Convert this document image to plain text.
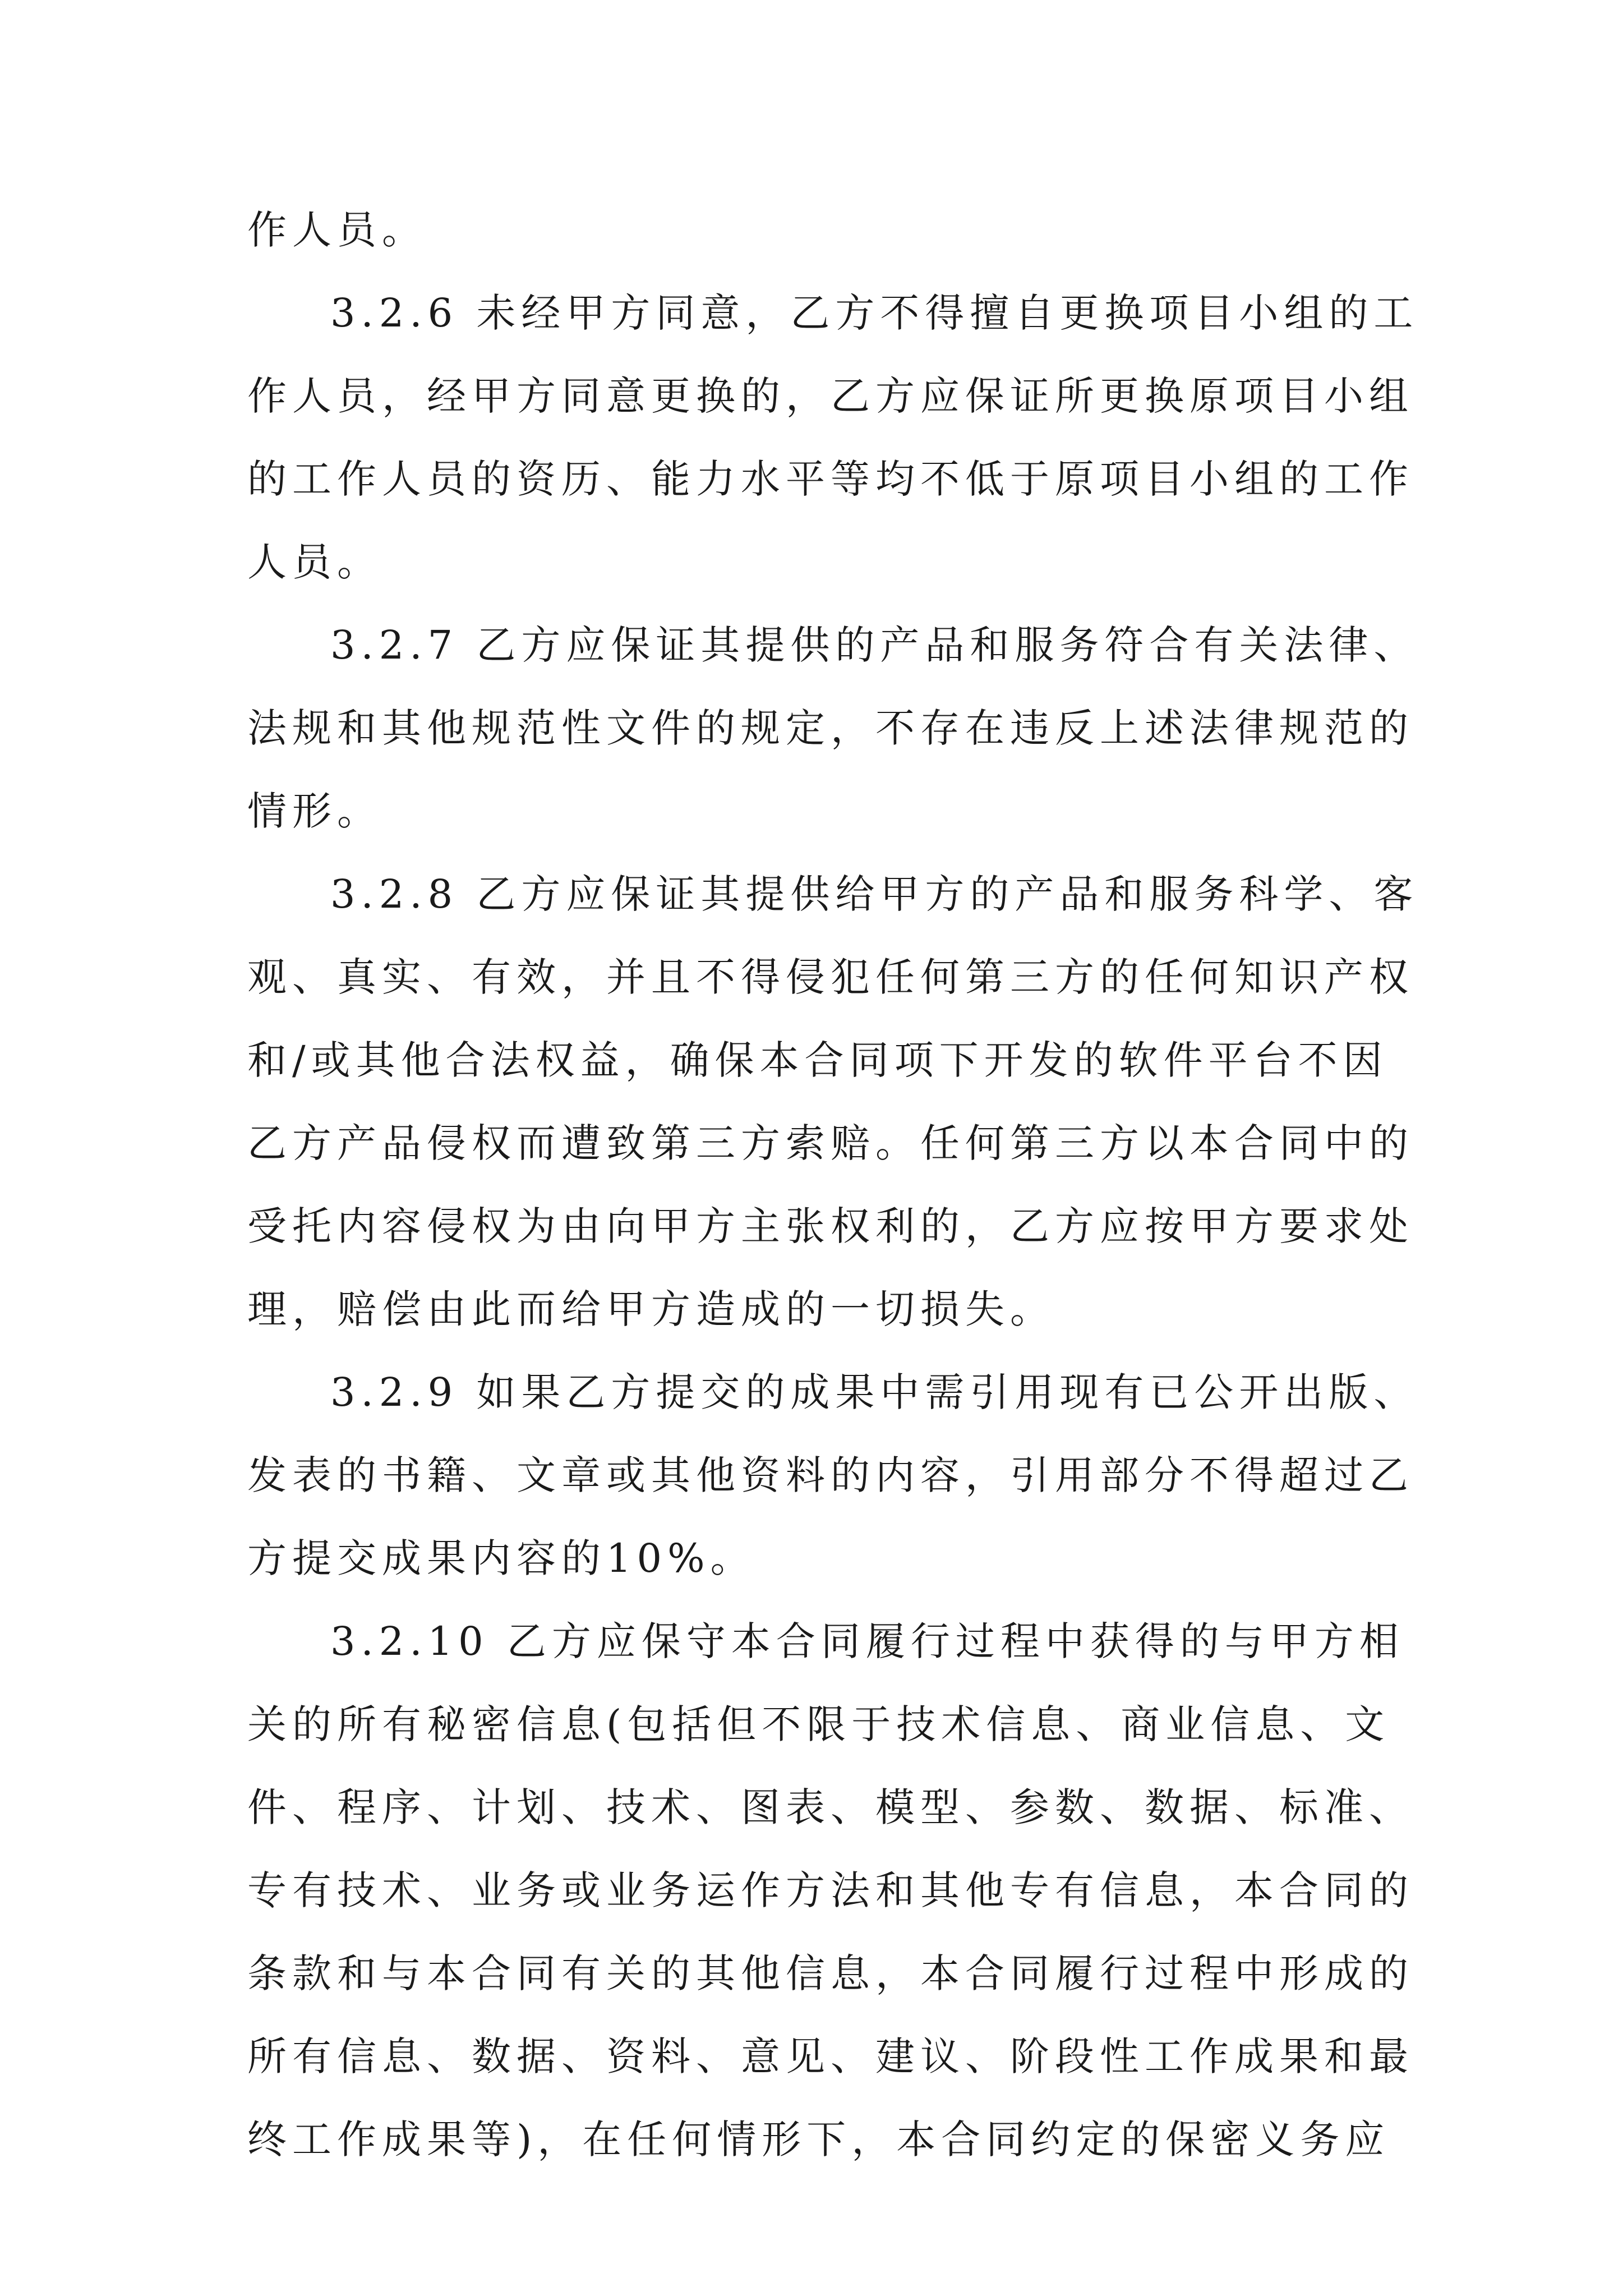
作人员。
3.2.6 未经甲方同意，乙方不得擅自更换项目小组的工
作人员，经甲方同意更换的，乙方应保证所更换原项目小组
的工作人员的资历、能力水平等均不低于原项目小组的工作
人员。
3.2.7 乙方应保证其提供的产品和服务符合有关法律、
法规和其他规范性文件的规定，不存在违反上述法律规范的
情形。
3.2.8 乙方应保证其提供给甲方的产品和服务科学、客
观、真实、有效，并且不得侵犯任何第三方的任何知识产权
和/或其他合法权益，确保本合同项下开发的软件平台不因
乙方产品侵权而遭致第三方索赔。任何第三方以本合同中的
受托内容侵权为由向甲方主张权利的，乙方应按甲方要求处
理，赔偿由此而给甲方造成的一切损失。
3.2.9 如果乙方提交的成果中需引用现有已公开出版、
发表的书籍、文章或其他资料的内容，引用部分不得超过乙
方提交成果内容的10%。
3.2.10 乙方应保守本合同履行过程中获得的与甲方相
关的所有秘密信息(包括但不限于技术信息、商业信息、文
件、程序、计划、技术、图表、模型、参数、数据、标准、
专有技术、业务或业务运作方法和其他专有信息，本合同的
条款和与本合同有关的其他信息，本合同履行过程中形成的
所有信息、数据、资料、意见、建议、阶段性工作成果和最
终工作成果等)，在任何情形下，本合同约定的保密义务应
